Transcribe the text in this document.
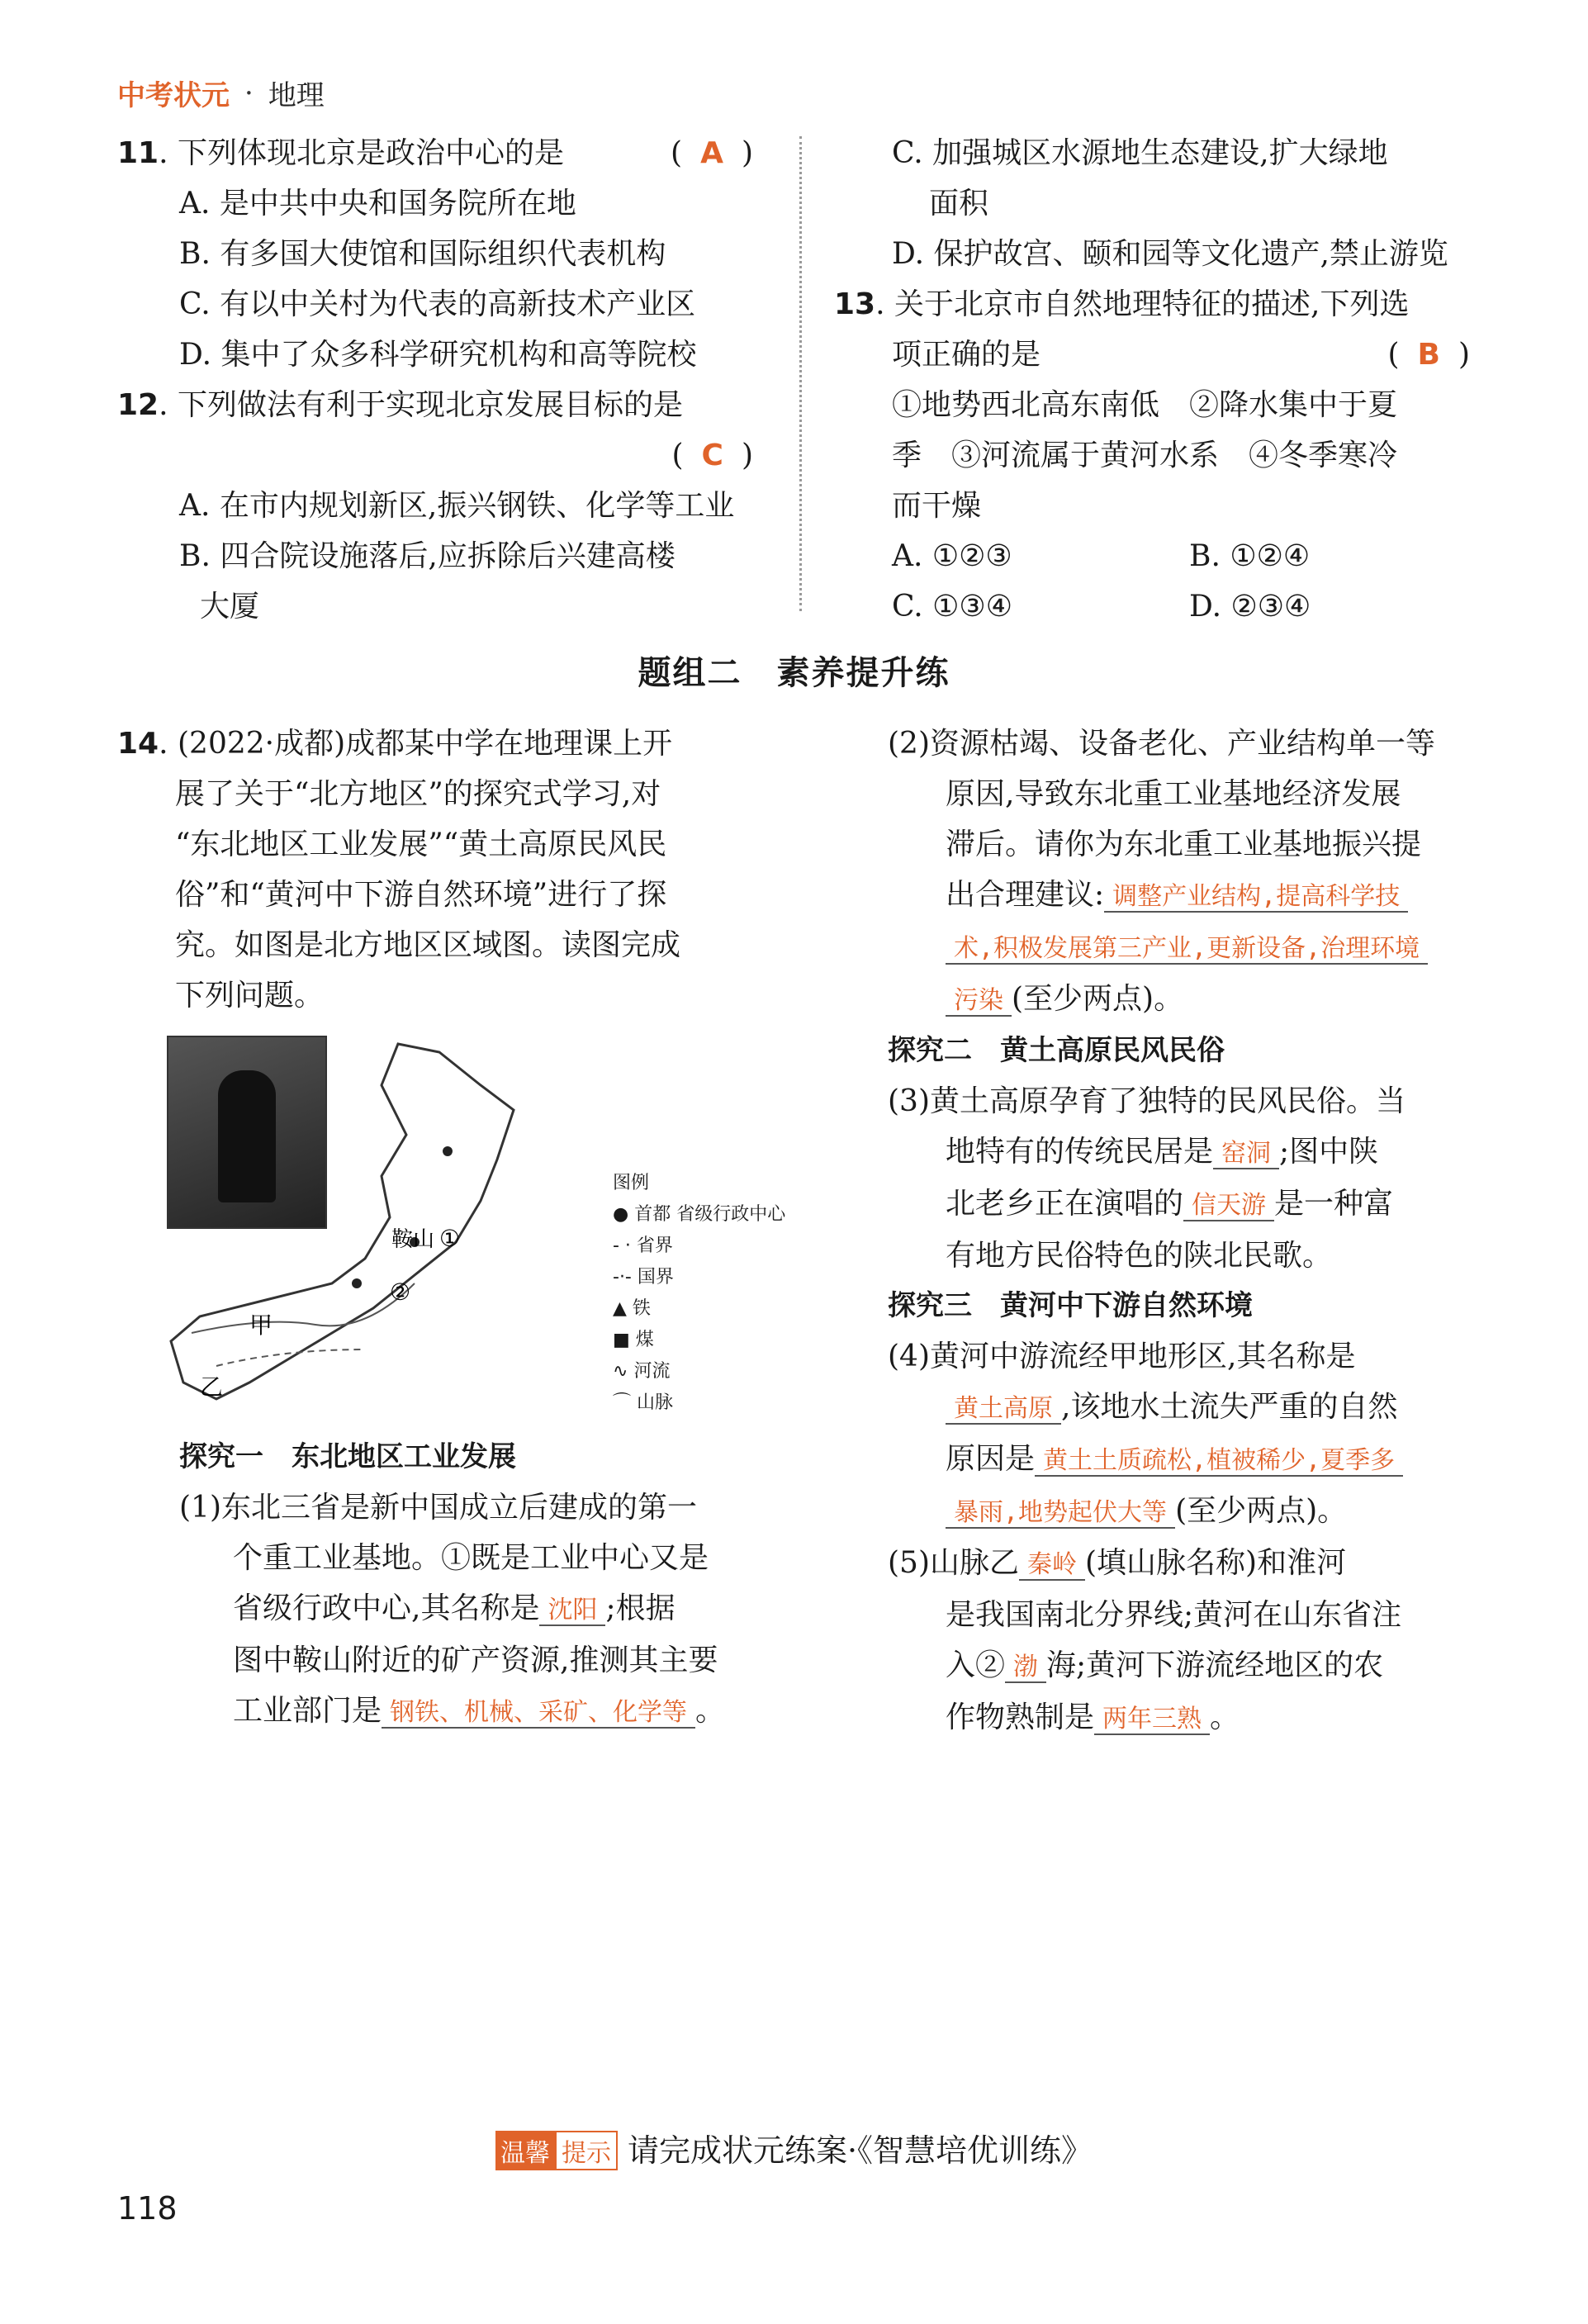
中考状元 · 地理
11. 下列体现北京是政治中心的是	( A )
A. 是中共中央和国务院所在地
B. 有多国大使馆和国际组织代表机构
C. 有以中关村为代表的高新技术产业区
D. 集中了众多科学研究机构和高等院校
12. 下列做法有利于实现北京发展目标的是
( C )
A. 在市内规划新区,振兴钢铁、化学等工业
B. 四合院设施落后,应拆除后兴建高楼
大厦
C. 加强城区水源地生态建设,扩大绿地
面积
D. 保护故宫、颐和园等文化遗产,禁止游览
13. 关于北京市自然地理特征的描述,下列选
项正确的是	( B )
①地势西北高东南低　②降水集中于夏
季　③河流属于黄河水系　④冬季寒冷
而干燥
A. ①②③	B. ①②④
C. ①③④	D. ②③④
题组二　素养提升练
14. (2022·成都)成都某中学在地理课上开
展了关于“北方地区”的探究式学习,对
“东北地区工业发展”“黄土高原民风民
俗”和“黄河中下游自然环境”进行了探
究。如图是北方地区区域图。读图完成
下列问题。
鞍山 ①
②
甲
乙
图例
● 首都 省级行政中心
- · 省界
-·- 国界
▲ 铁
■ 煤
∿ 河流
⌒ 山脉
探究一　东北地区工业发展
(1)东北三省是新中国成立后建成的第一
个重工业基地。①既是工业中心又是
省级行政中心,其名称是 沈阳 ;根据
图中鞍山附近的矿产资源,推测其主要
工业部门是 钢铁、机械、采矿、化学等 。
(2)资源枯竭、设备老化、产业结构单一等
原因,导致东北重工业基地经济发展
滞后。请你为东北重工业基地振兴提
出合理建议: 调整产业结构,提高科学技
术,积极发展第三产业,更新设备,治理环境
污染 (至少两点)。
探究二　黄土高原民风民俗
(3)黄土高原孕育了独特的民风民俗。当
地特有的传统民居是 窑洞 ;图中陕
北老乡正在演唱的 信天游 是一种富
有地方民俗特色的陕北民歌。
探究三　黄河中下游自然环境
(4)黄河中游流经甲地形区,其名称是
黄土高原 ,该地水土流失严重的自然
原因是 黄土土质疏松,植被稀少,夏季多
暴雨,地势起伏大等 (至少两点)。
(5)山脉乙 秦岭 (填山脉名称)和淮河
是我国南北分界线;黄河在山东省注
入② 渤 海;黄河下游流经地区的农
作物熟制是 两年三熟 。
温馨 提示 请完成状元练案·《智慧培优训练》
118
